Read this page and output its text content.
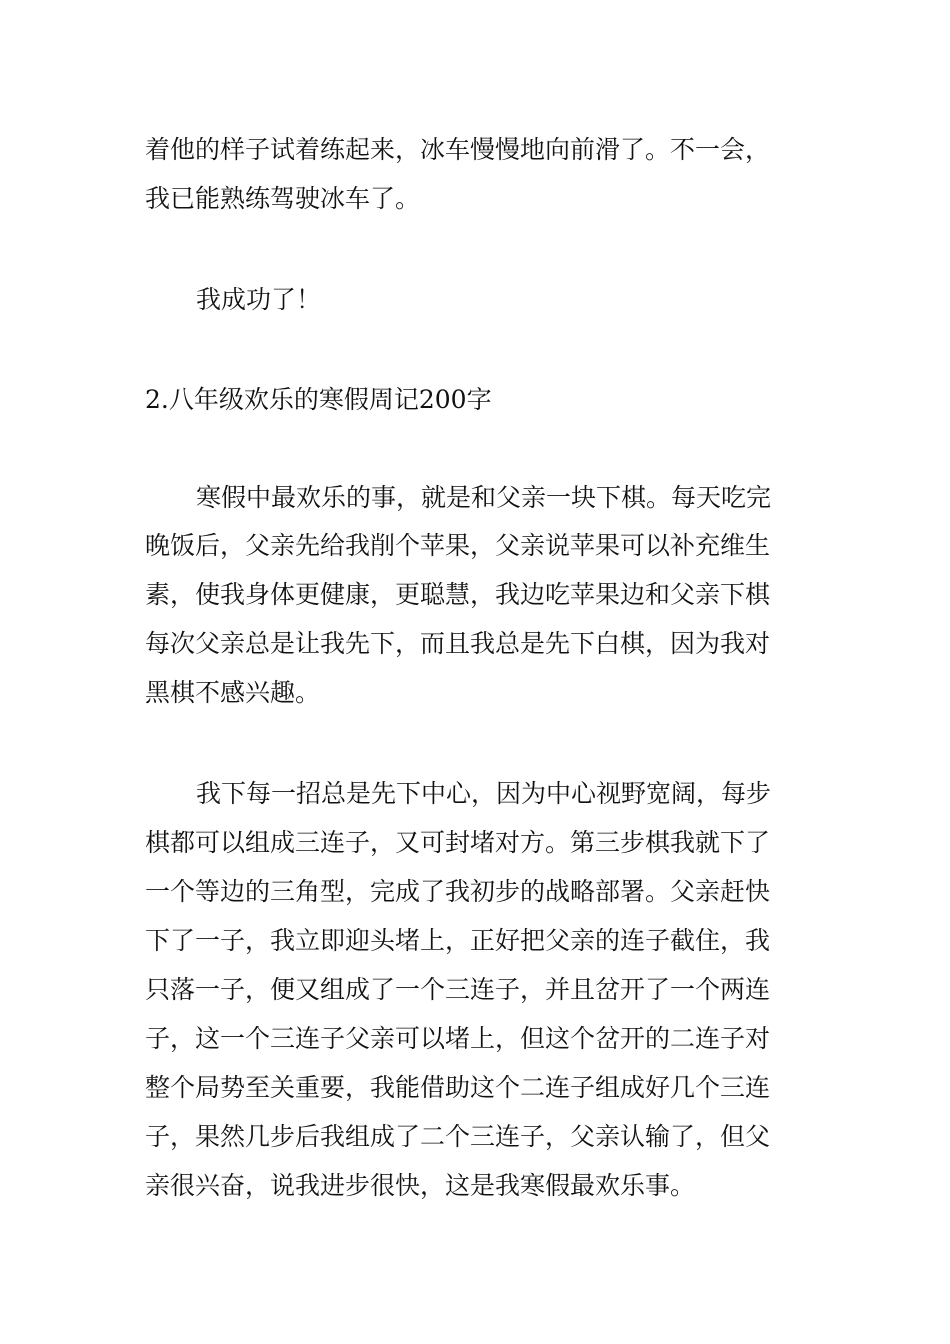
着他的样子试着练起来，冰车慢慢地向前滑了。不一会，

我已能熟练驾驶冰车了。

我成功了！

2.八年级欢乐的寒假周记200字

寒假中最欢乐的事，就是和父亲一块下棋。每天吃完

晚饭后，父亲先给我削个苹果，父亲说苹果可以补充维生

素，使我身体更健康，更聪慧，我边吃苹果边和父亲下棋

每次父亲总是让我先下，而且我总是先下白棋，因为我对

黑棋不感兴趣。

我下每一招总是先下中心，因为中心视野宽阔，每步

棋都可以组成三连子，又可封堵对方。第三步棋我就下了

一个等边的三角型，完成了我初步的战略部署。父亲赶快

下了一子，我立即迎头堵上，正好把父亲的连子截住，我

只落一子，便又组成了一个三连子，并且岔开了一个两连

子，这一个三连子父亲可以堵上，但这个岔开的二连子对

整个局势至关重要，我能借助这个二连子组成好几个三连

子，果然几步后我组成了二个三连子，父亲认输了，但父

亲很兴奋，说我进步很快，这是我寒假最欢乐事。
